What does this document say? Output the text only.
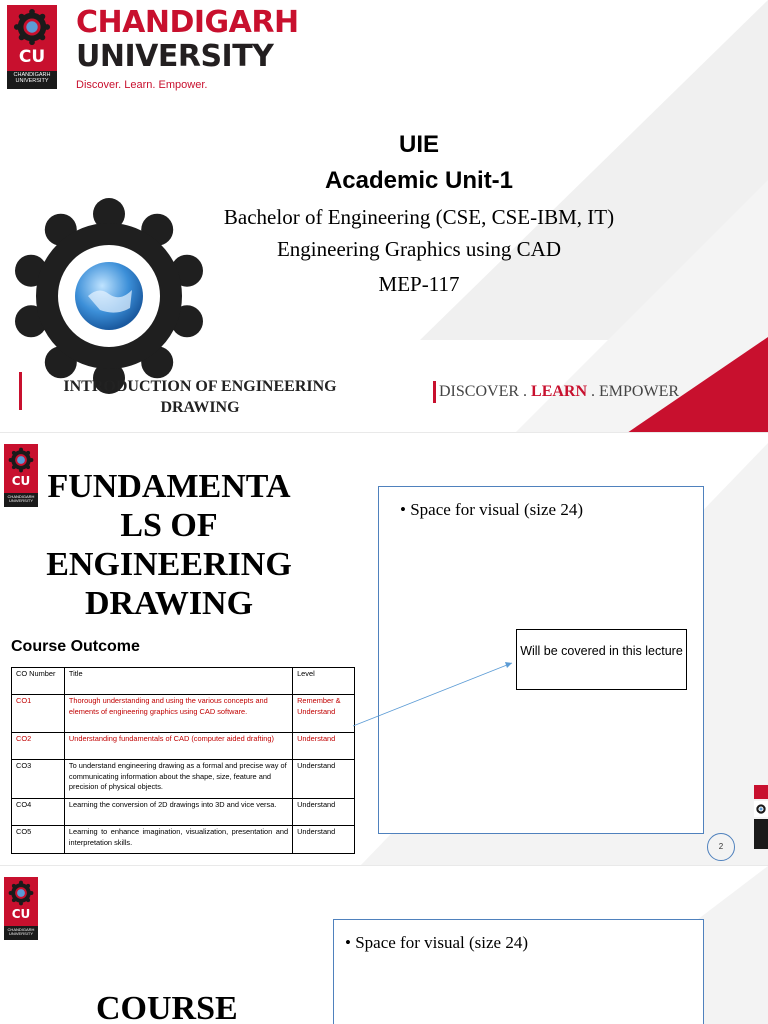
CU
CHANDIGARH UNIVERSITY
CHANDIGARH
UNIVERSITY
Discover. Learn. Empower.
UIE
Academic Unit-1
Bachelor of Engineering (CSE, CSE-IBM, IT)
Engineering Graphics using CAD
MEP-117
INTRODUCTION OF ENGINEERING
DRAWING
DISCOVER . LEARN . EMPOWER
CU
CHANDIGARH UNIVERSITY FUNDAMENTA
LS OF
ENGINEERING
DRAWING
Course Outcome
CO Number	Title	Level
CO1	Thorough understanding and using the various concepts and elements of engineering graphics using CAD software.	Remember & Understand
CO2	Understanding fundamentals of CAD (computer aided drafting)	Understand
CO3	To understand engineering drawing as a formal and precise way of communicating information about the shape, size, feature and precision of physical objects.	Understand
CO4	Learning the conversion of 2D drawings into 3D and vice versa.	Understand
CO5	Learning to enhance imagination, visualization, presentation and interpretation skills.	Understand
• Space for visual (size 24)
Will be covered in this lecture
2
CU
CHANDIGARH UNIVERSITY	• Space for visual (size 24)
COURSE
